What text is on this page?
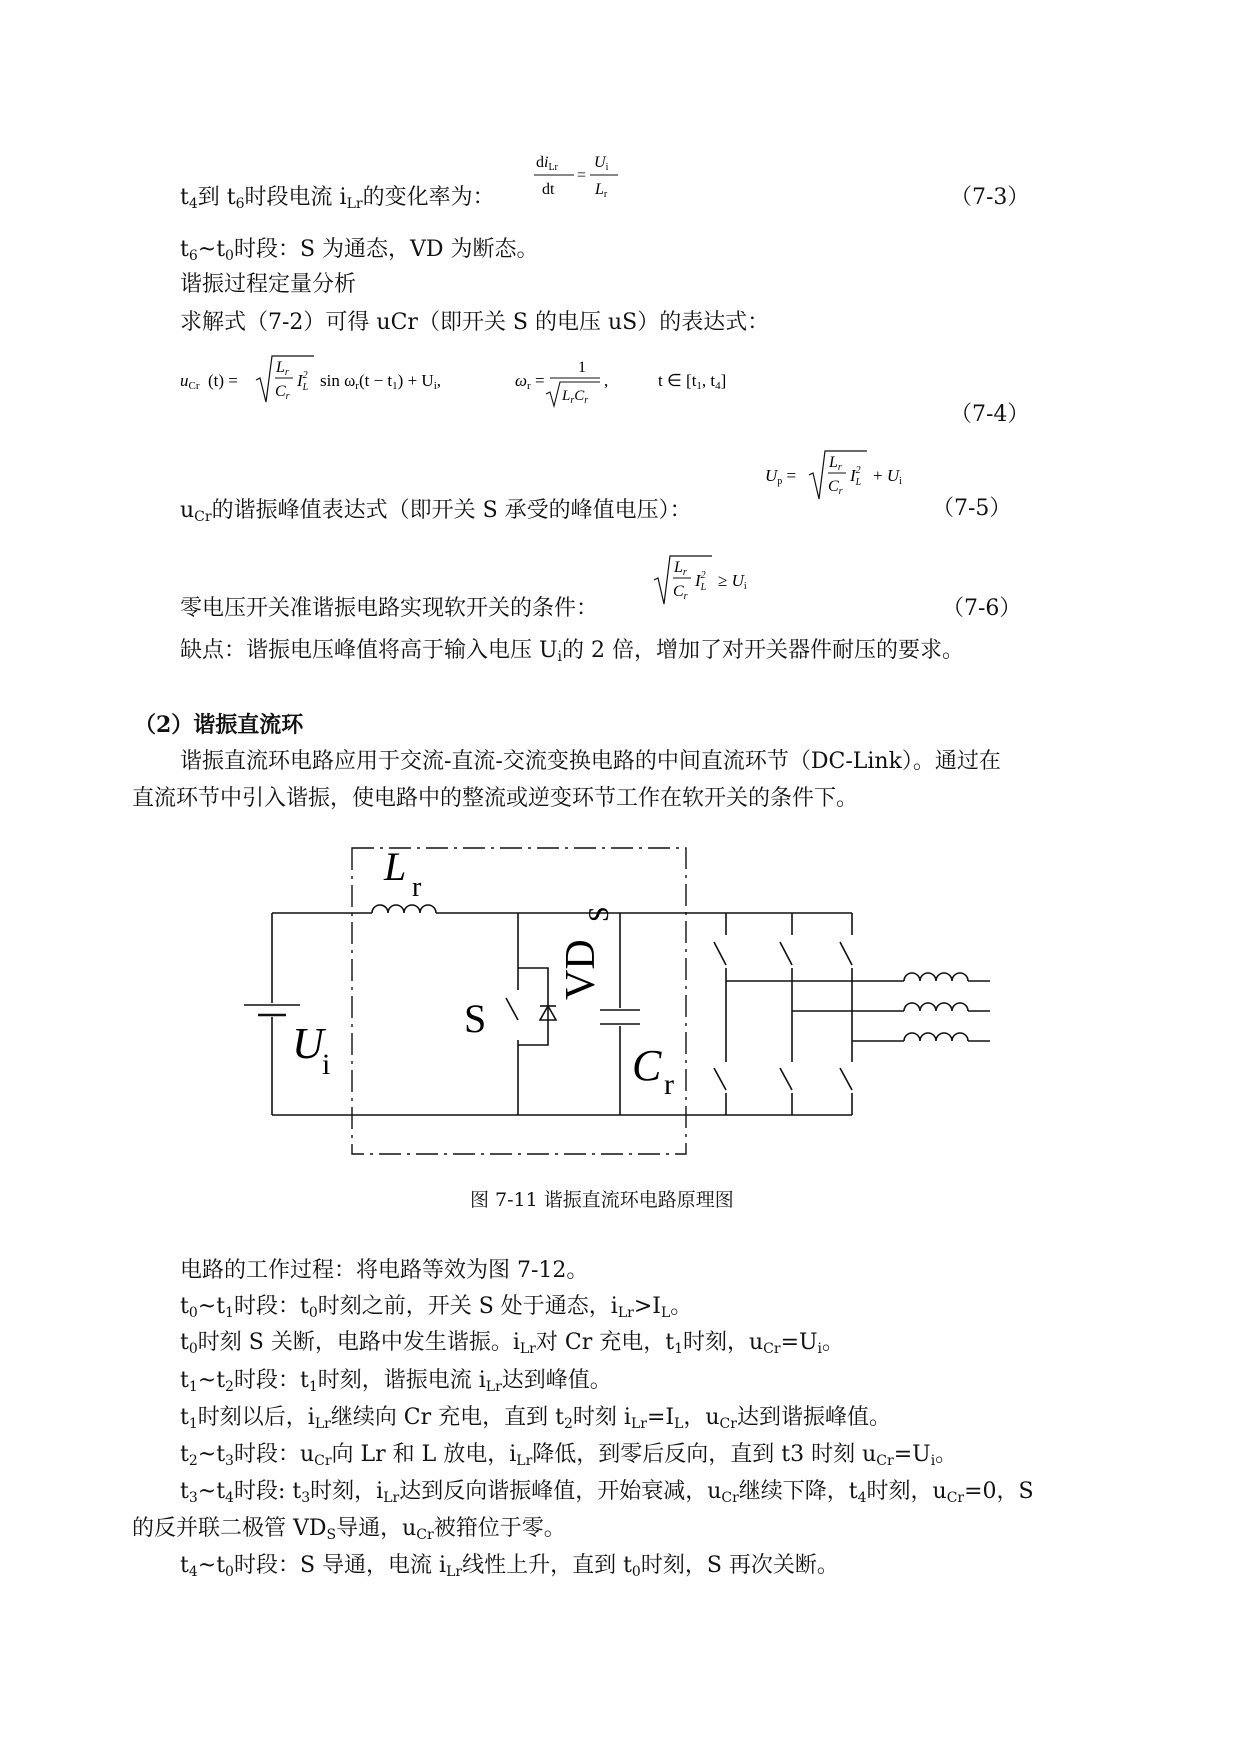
$t_4$到 $t_6$时段电流 $i_{Lr}$的变化率为：
diLr
dt
=
Ui
Lr	（7-3）
$t_6\sim t_0$时段：S 为通态，VD 为断态。
谐振过程定量分析
求解式（7-2）可得 uCr（即开关 S 的电压 uS）的表达式：
uCr (t) =
Lr
Cr
$I^2$ L sin ωr(t − t1) + Ui,	ωr =
1
$L_rC_r$
,	t ∈ [t1, t4]
（7-4）
$u_{Cr}$的谐振峰值表达式（即开关 S 承受的峰值电压）：
Up =
Lr
Cr
$I^2$ L + Ui
（7-5）
零电压开关准谐振电路实现软开关的条件：
Lr
Cr
$I^2$ L ≥ Ui
（7-6）
缺点：谐振电压峰值将高于输入电压 $U_i$的 2 倍，增加了对开关器件耐压的要求。
（2）谐振直流环
谐振直流环电路应用于交流-直流-交流变换电路的中间直流环节（DC-Link）。通过在
直流环节中引入谐振，使电路中的整流或逆变环节工作在软开关的条件下。
L r
U
i
S
C r
VD
S
图 7-11 谐振直流环电路原理图
电路的工作过程：将电路等效为图 7-12。
$t_0\sim t_1$时段：$t_0$时刻之前，开关 S 处于通态，$i_{Lr}>I_L$。
$t_0$时刻 S 关断，电路中发生谐振。$i_{Lr}$对 Cr 充电，$t_1$时刻，$u_{Cr}=U_i$。
$t_1\sim t_2$时段：$t_1$时刻，谐振电流 $i_{Lr}$达到峰值。
$t_1$时刻以后，$i_{Lr}$继续向 Cr 充电，直到 $t_2$时刻 $i_{Lr}=I_L$，$u_{Cr}$达到谐振峰值。
$t_2\sim t_3$时段：$u_{Cr}$向 Lr 和 L 放电，$i_{Lr}$降低，到零后反向，直到 t3 时刻 $u_{Cr}=U_i$。
$t_3\sim t_4$时段: $t_3$时刻，$i_{Lr}$达到反向谐振峰值，开始衰减，$u_{Cr}$继续下降，$t_4$时刻，$u_{Cr}=0$，S
的反并联二极管 $VD_S$导通，$u_{Cr}$被箝位于零。
$t_4\sim t_0$时段：S 导通，电流 $i_{Lr}$线性上升，直到 $t_0$时刻，S 再次关断。
